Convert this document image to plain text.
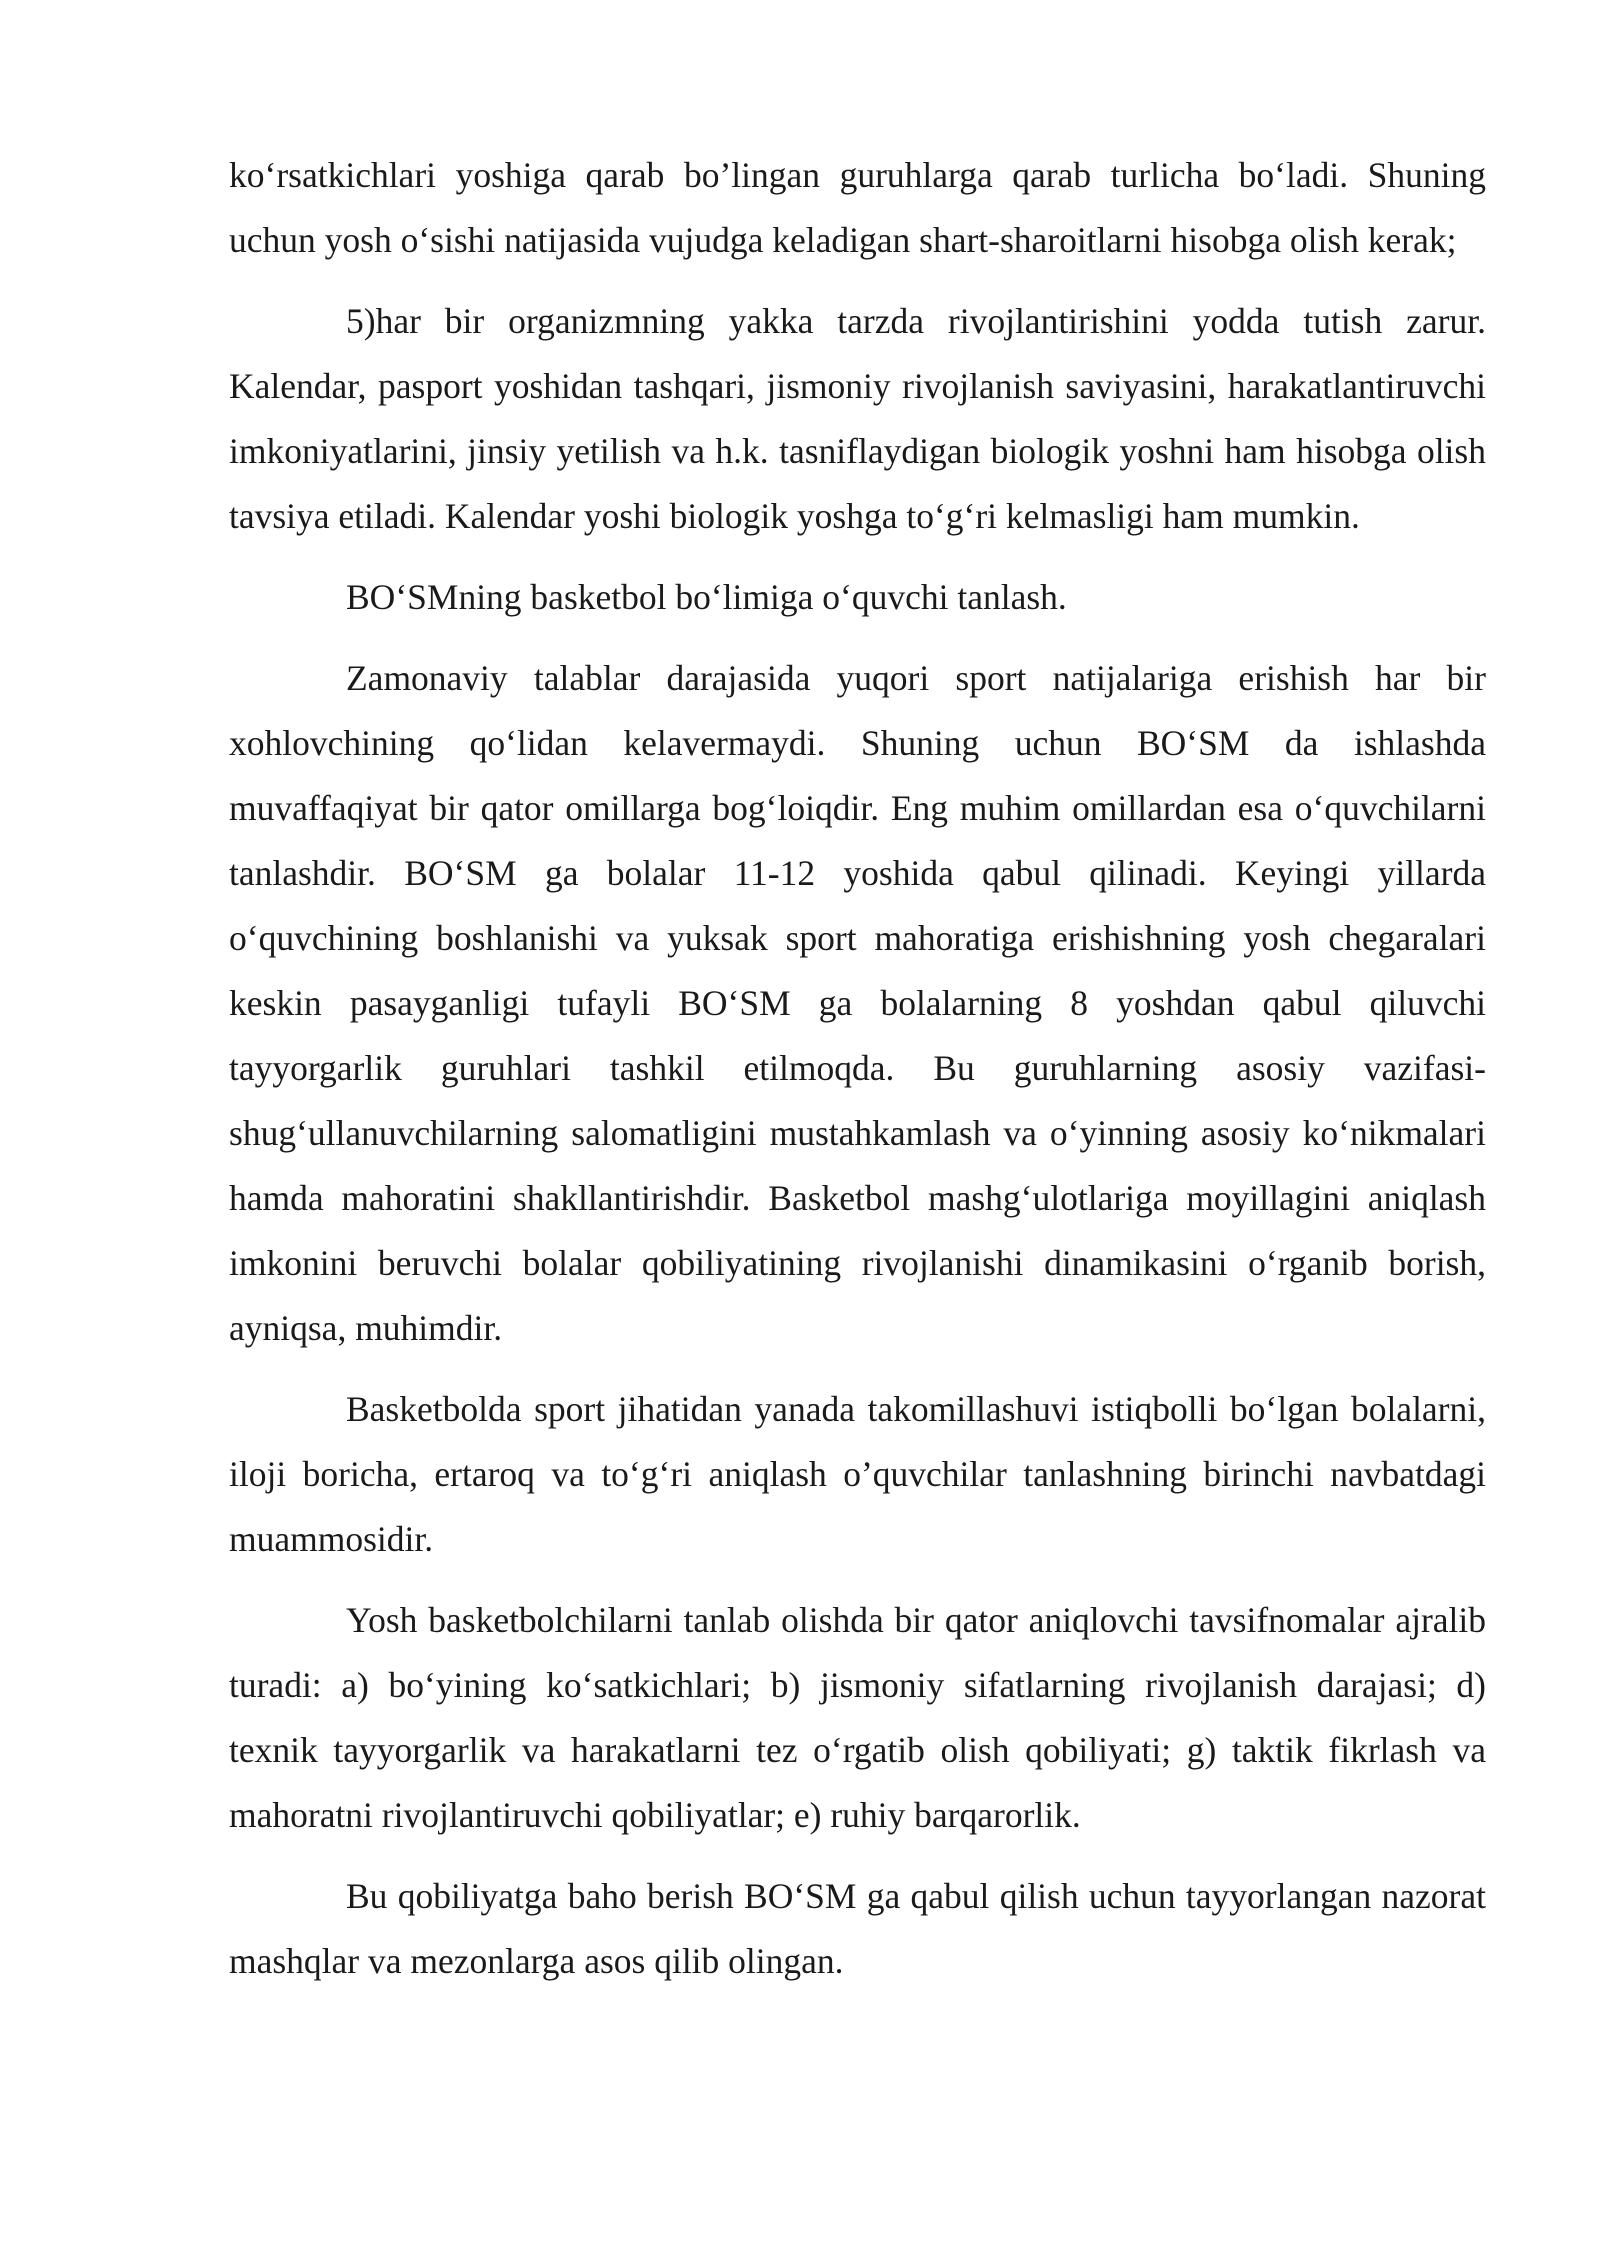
ko‘rsatkichlari yoshiga qarab bo’lingan guruhlarga qarab turlicha bo‘ladi. Shuning uchun yosh o‘sishi natijasida vujudga keladigan shart-sharoitlarni hisobga olish kerak;

5)har bir organizmning yakka tarzda rivojlantirishini yodda tutish zarur. Kalendar, pasport yoshidan tashqari, jismoniy rivojlanish saviyasini, harakatlantiruvchi imkoniyatlarini, jinsiy yetilish va h.k. tasniflaydigan biologik yoshni ham hisobga olish tavsiya etiladi. Kalendar yoshi biologik yoshga to‘g‘ri kelmasligi ham mumkin.

BO‘SMning basketbol bo‘limiga o‘quvchi tanlash.

Zamonaviy talablar darajasida yuqori sport natijalariga erishish har bir xohlovchining qo‘lidan kelavermaydi. Shuning uchun BO‘SM da ishlashda muvaffaqiyat bir qator omillarga bog‘loiqdir. Eng muhim omillardan esa o‘quvchilarni tanlashdir. BO‘SM ga bolalar 11-12 yoshida qabul qilinadi. Keyingi yillarda o‘quvchining boshlanishi va yuksak sport mahoratiga erishishning yosh chegaralari keskin pasayganligi tufayli BO‘SM ga bolalarning 8 yoshdan qabul qiluvchi tayyorgarlik guruhlari tashkil etilmoqda. Bu guruhlarning asosiy vazifasi-shug‘ullanuvchilarning salomatligini mustahkamlash va o‘yinning asosiy ko‘nikmalari hamda mahoratini shakllantirishdir. Basketbol mashg‘ulotlariga moyillagini aniqlash imkonini beruvchi bolalar qobiliyatining rivojlanishi dinamikasini o‘rganib borish, ayniqsa, muhimdir.

Basketbolda sport jihatidan yanada takomillashuvi istiqbolli bo‘lgan bolalarni, iloji boricha, ertaroq va to‘g‘ri aniqlash o’quvchilar tanlashning birinchi navbatdagi muammosidir.

Yosh basketbolchilarni tanlab olishda bir qator aniqlovchi tavsifnomalar ajralib turadi: a) bo‘yining ko‘satkichlari; b) jismoniy sifatlarning rivojlanish darajasi; d) texnik tayyorgarlik va harakatlarni tez o‘rgatib olish qobiliyati; g) taktik fikrlash va mahoratni rivojlantiruvchi qobiliyatlar; e) ruhiy barqarorlik.

Bu qobiliyatga baho berish BO‘SM ga qabul qilish uchun tayyorlangan nazorat mashqlar va mezonlarga asos qilib olingan.
